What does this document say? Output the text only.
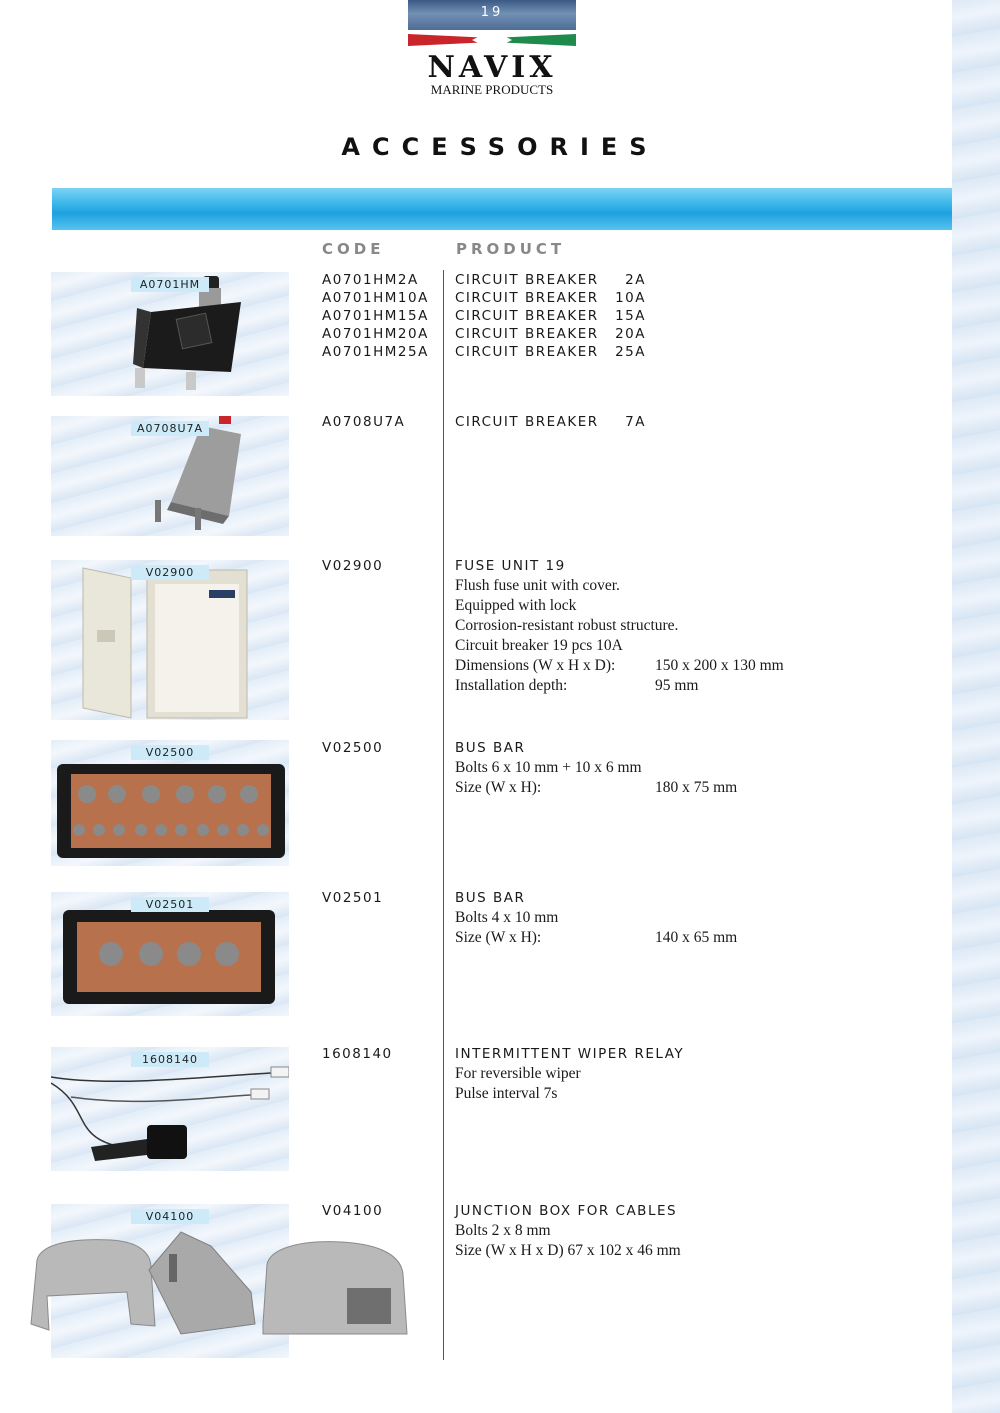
19
NAVIX
MARINE PRODUCTS
ACCESSORIES
CODE	PRODUCT
A0701HM	A0701HM2A	CIRCUIT BREAKER	2A
A0701HM10A CIRCUIT BREAKER	10A
A0701HM15A CIRCUIT BREAKER	15A
A0701HM20A CIRCUIT BREAKER	20A
A0701HM25A CIRCUIT BREAKER	25A
A0708U7A	A0708U7A	CIRCUIT BREAKER	7A
V02900	V02900	FUSE UNIT 19
Flush fuse unit with cover.
Equipped with lock
Corrosion-resistant robust structure.
Circuit breaker 19 pcs 10A
Dimensions (W x H x D):	150 x 200 x 130 mm
Installation depth:	95 mm
V02500	V02500	BUS BAR
Bolts 6 x 10 mm + 10 x 6 mm
Size (W x H):	180 x 75 mm
V02501	V02501	BUS BAR
Bolts 4 x 10 mm
Size (W x H):	140 x 65 mm
1608140	1608140	INTERMITTENT WIPER RELAY
For reversible wiper
Pulse interval 7s
V04100	V04100	JUNCTION BOX FOR CABLES
Bolts 2 x 8 mm
Size (W x H x D) 67 x 102 x 46 mm
